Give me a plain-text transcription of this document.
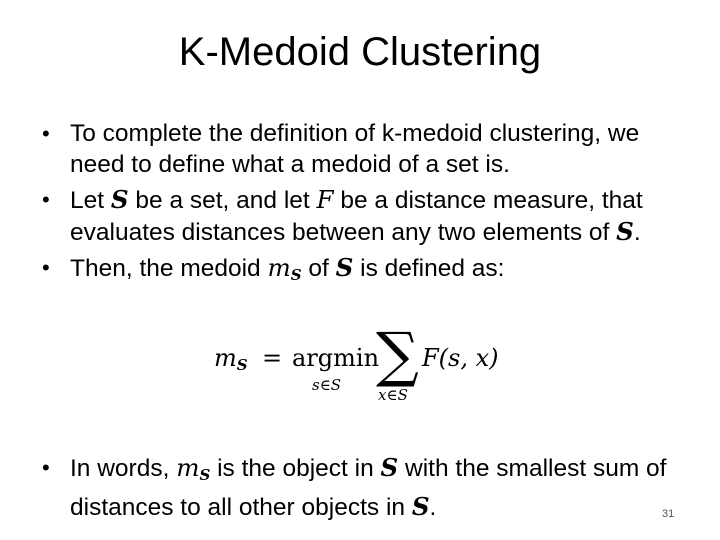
K-Medoid Clustering
• To complete the definition of k-medoid clustering, we need to define what a medoid of a set is.
• Let S be a set, and let F be a distance measure, that evaluates distances between any two elements of S.
• Then, the medoid $m_S$ of S is defined as:
$m_S = argmin$
s∈S ∑
x∈S
F(s, x)
• In words, $m_S$ is the object in S with the smallest sum of distances to all other objects in S.	31
